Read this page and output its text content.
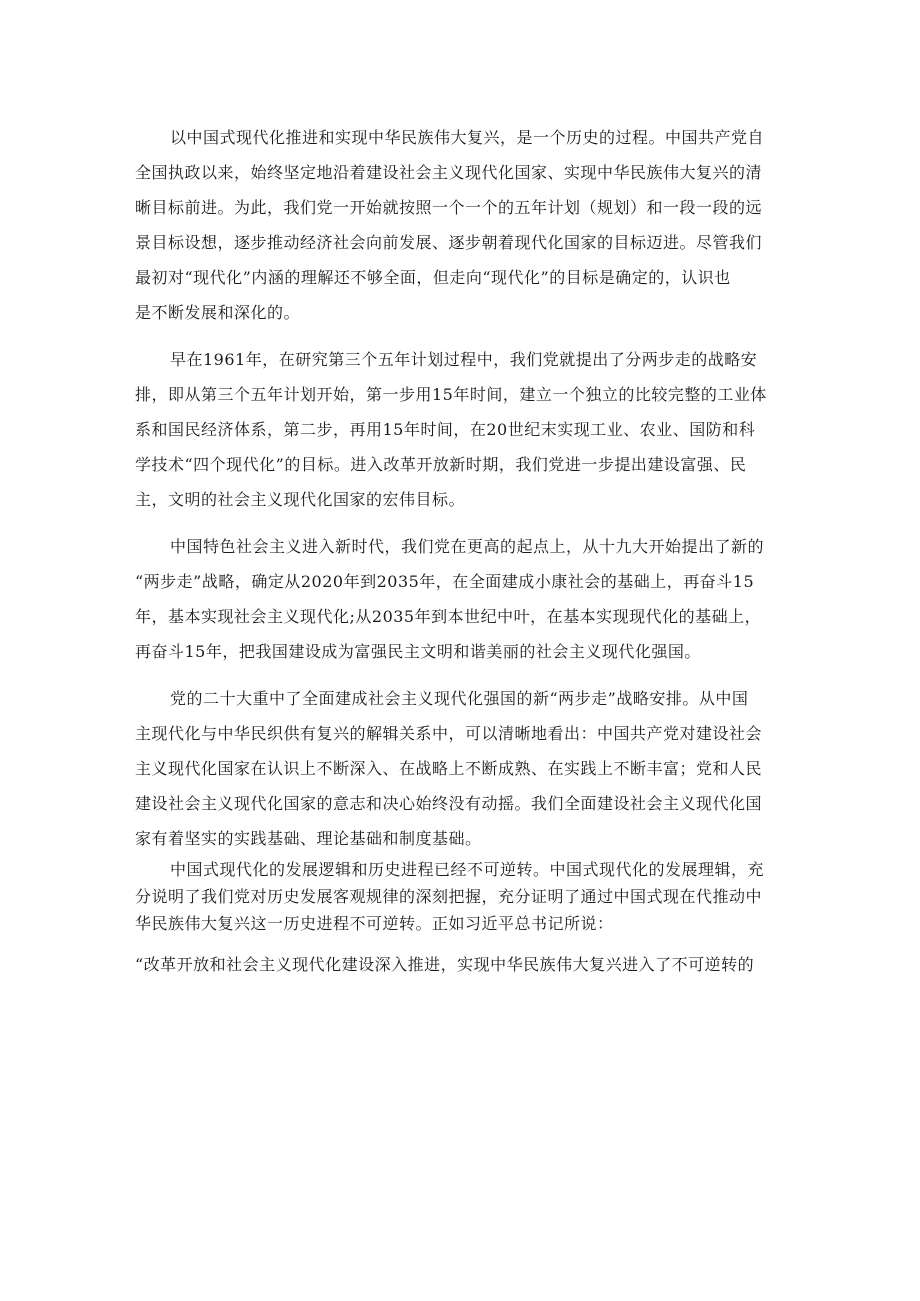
以中国式现代化推进和实现中华民族伟大复兴，是一个历史的过程。中国共产党自
全国执政以来，始终坚定地沿着建设社会主义现代化国家、实现中华民族伟大复兴的清
晰目标前进。为此，我们党一开始就按照一个一个的五年计划（规划）和一段一段的远
景目标设想，逐步推动经济社会向前发展、逐步朝着现代化国家的目标迈进。尽管我们
最初对“现代化”内涵的理解还不够全面，但走向“现代化”的目标是确定的，认识也
是不断发展和深化的。
早在1961年，在研究第三个五年计划过程中，我们党就提出了分两步走的战略安
排，即从第三个五年计划开始，第一步用15年时间，建立一个独立的比较完整的工业体
系和国民经济体系，第二步，再用15年时间，在20世纪末实现工业、农业、国防和科
学技术“四个现代化”的目标。进入改革开放新时期，我们党进一步提出建设富强、民
主，文明的社会主义现代化国家的宏伟目标。
中国特色社会主义进入新时代，我们党在更高的起点上，从十九大开始提出了新的
“两步走”战略，确定从2020年到2035年，在全面建成小康社会的基础上，再奋斗15
年，基本实现社会主义现代化;从2035年到本世纪中叶，在基本实现现代化的基础上，
再奋斗15年，把我国建设成为富强民主文明和谐美丽的社会主义现代化强国。
党的二十大重中了全面建成社会主义现代化强国的新“两步走”战略安排。从中国
主现代化与中华民织供有复兴的解辑关系中，可以清晰地看出：中国共产党对建设社会
主义现代化国家在认识上不断深入、在战略上不断成熟、在实践上不断丰富；党和人民
建设社会主义现代化国家的意志和决心始终没有动摇。我们全面建设社会主义现代化国
家有着坚实的实践基础、理论基础和制度基础。
中国式现代化的发展逻辑和历史进程已经不可逆转。中国式现代化的发展理辑，充
分说明了我们党对历史发展客观规律的深刻把握，充分证明了通过中国式现在代推动中
华民族伟大复兴这一历史进程不可逆转。正如习近平总书记所说：
“改革开放和社会主义现代化建设深入推进，实现中华民族伟大复兴进入了不可逆转的
